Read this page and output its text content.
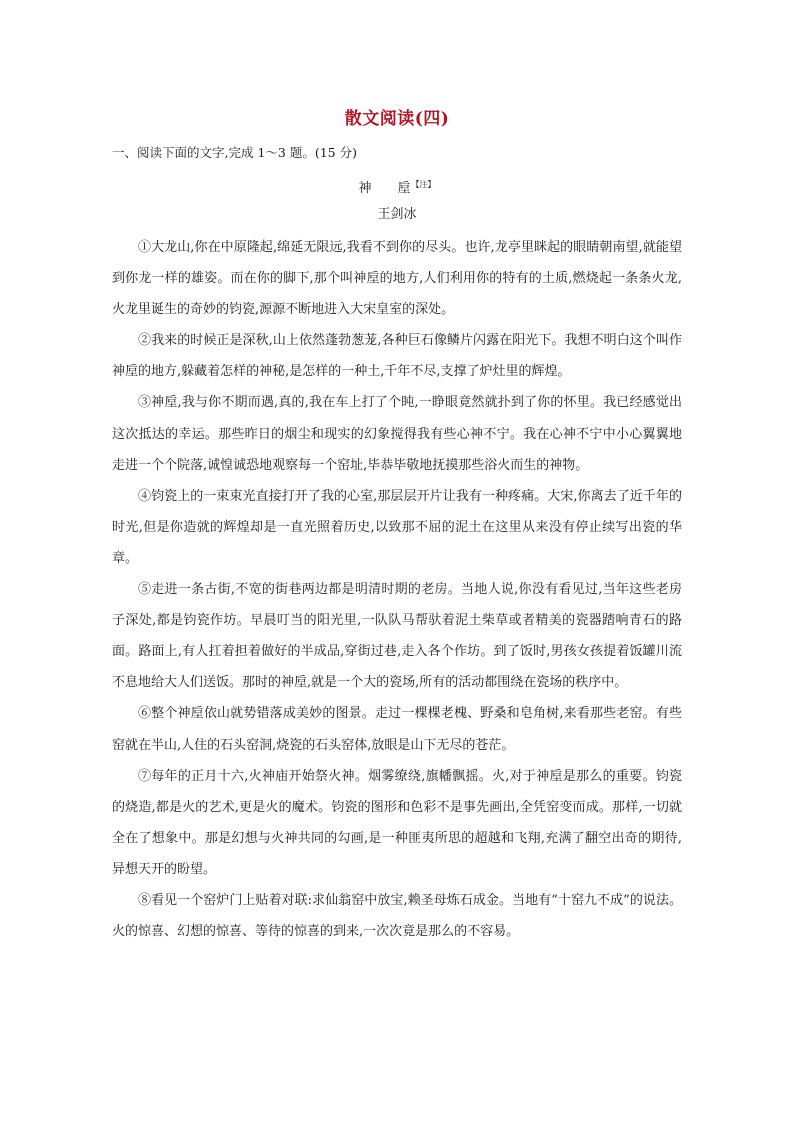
散文阅读(四)
一、阅读下面的文字,完成 1～3 题。(15 分)
神 垕$^{【注】}$
王剑冰

①大龙山,你在中原隆起,绵延无限远,我看不到你的尽头。也许,龙亭里眯起的眼睛朝南望,就能望到你龙一样的雄姿。而在你的脚下,那个叫神垕的地方,人们利用你的特有的土质,燃烧起一条条火龙,火龙里诞生的奇妙的钧瓷,源源不断地进入大宋皇室的深处。

②我来的时候正是深秋,山上依然蓬勃葱茏,各种巨石像鳞片闪露在阳光下。我想不明白这个叫作神垕的地方,躲藏着怎样的神秘,是怎样的一种土,千年不尽,支撑了炉灶里的辉煌。

③神垕,我与你不期而遇,真的,我在车上打了个盹,一睁眼竟然就扑到了你的怀里。我已经感觉出这次抵达的幸运。那些昨日的烟尘和现实的幻象搅得我有些心神不宁。我在心神不宁中小心翼翼地走进一个个院落,诚惶诚恐地观察每一个窑址,毕恭毕敬地抚摸那些浴火而生的神物。

④钧瓷上的一束束光直接打开了我的心室,那层层开片让我有一种疼痛。大宋,你离去了近千年的时光,但是你造就的辉煌却是一直光照着历史,以致那不屈的泥土在这里从来没有停止续写出瓷的华章。

⑤走进一条古街,不宽的街巷两边都是明清时期的老房。当地人说,你没有看见过,当年这些老房子深处,都是钧瓷作坊。早晨叮当的阳光里,一队队马帮驮着泥土柴草或者精美的瓷器踏响青石的路面。路面上,有人扛着担着做好的半成品,穿街过巷,走入各个作坊。到了饭时,男孩女孩提着饭罐川流不息地给大人们送饭。那时的神垕,就是一个大的瓷场,所有的活动都围绕在瓷场的秩序中。

⑥整个神垕依山就势错落成美妙的图景。走过一棵棵老槐、野桑和皂角树,来看那些老窑。有些窑就在半山,人住的石头窑洞,烧瓷的石头窑体,放眼是山下无尽的苍茫。

⑦每年的正月十六,火神庙开始祭火神。烟雾缭绕,旗幡飘摇。火,对于神垕是那么的重要。钧瓷的烧造,都是火的艺术,更是火的魔术。钧瓷的图形和色彩不是事先画出,全凭窑变而成。那样,一切就全在了想象中。那是幻想与火神共同的勾画,是一种匪夷所思的超越和飞翔,充满了翻空出奇的期待,异想天开的盼望。

⑧看见一个窑炉门上贴着对联:求仙翁窑中放宝,赖圣母炼石成金。当地有“十窑九不成”的说法。火的惊喜、幻想的惊喜、等待的惊喜的到来,一次次竟是那么的不容易。
